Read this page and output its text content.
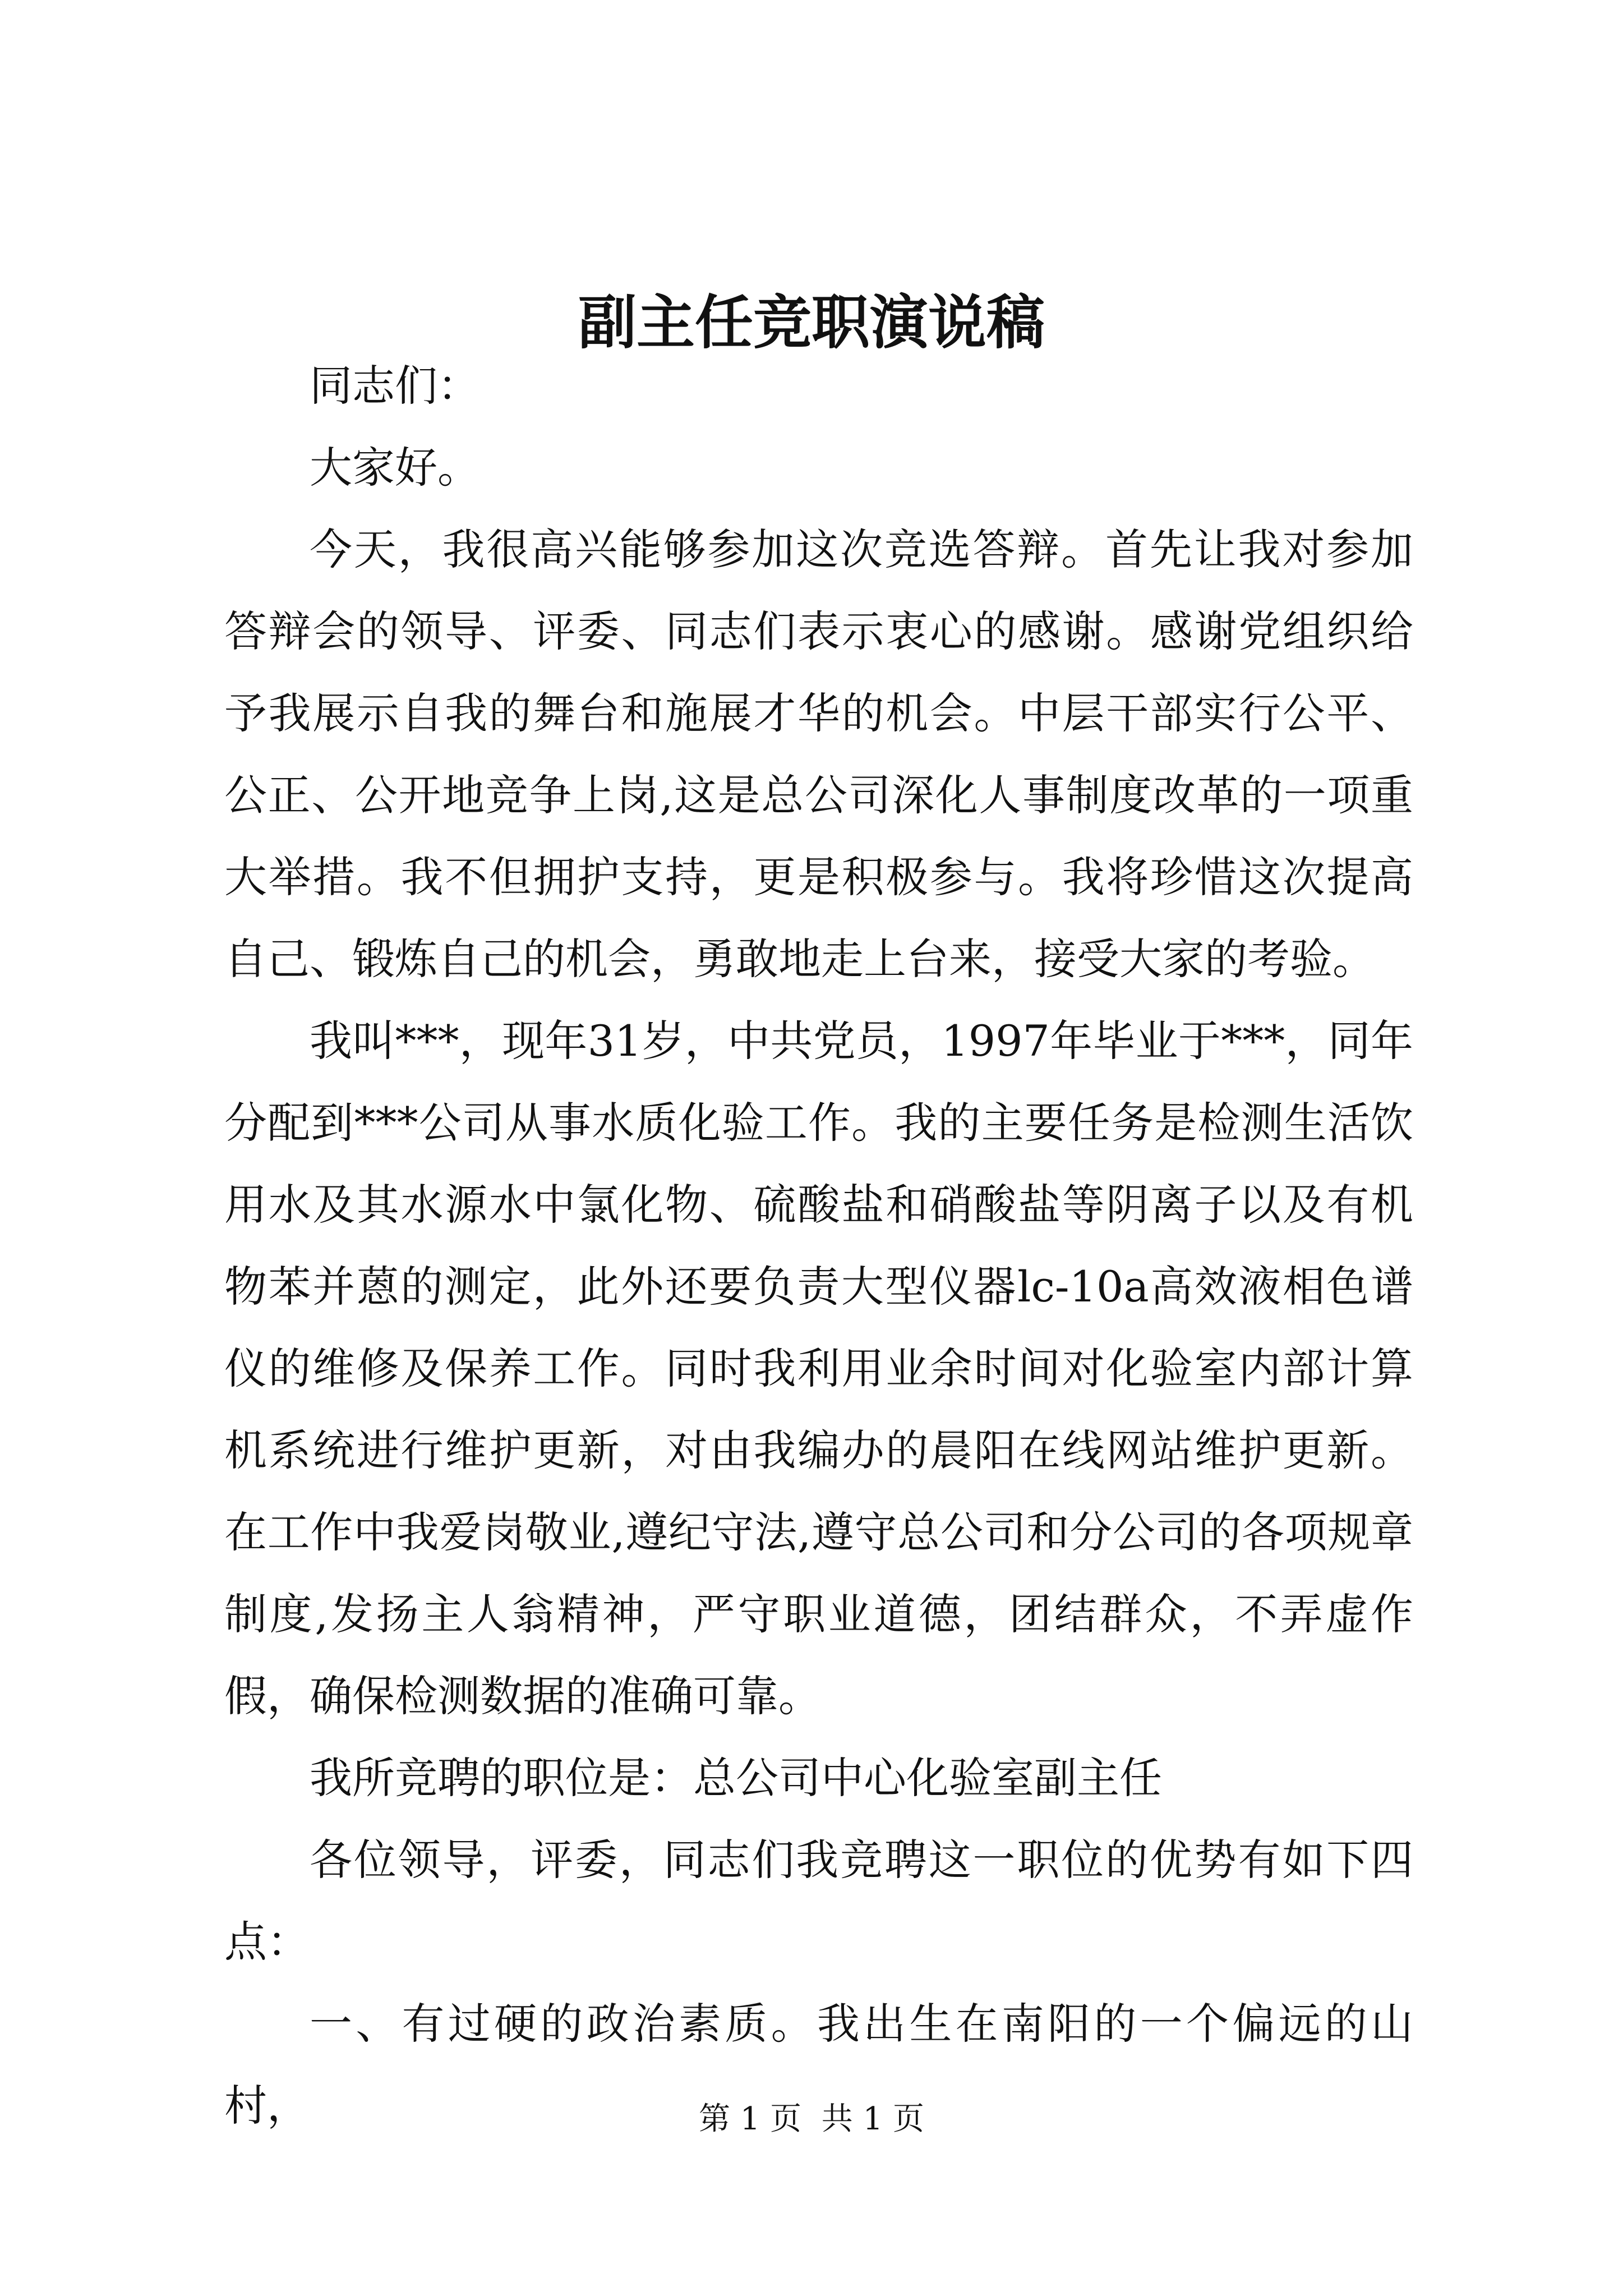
副主任竞职演说稿

同志们：

大家好。

今天，我很高兴能够参加这次竞选答辩。首先让我对参加答辩会的领导、评委、同志们表示衷心的感谢。感谢党组织给予我展示自我的舞台和施展才华的机会。中层干部实行公平、公正、公开地竞争上岗,这是总公司深化人事制度改革的一项重大举措。我不但拥护支持，更是积极参与。我将珍惜这次提高自己、锻炼自己的机会，勇敢地走上台来，接受大家的考验。

我叫***，现年31岁，中共党员，1997年毕业于***，同年分配到***公司从事水质化验工作。我的主要任务是检测生活饮用水及其水源水中氯化物、硫酸盐和硝酸盐等阴离子以及有机物苯并蒽的测定，此外还要负责大型仪器lc-10a高效液相色谱仪的维修及保养工作。同时我利用业余时间对化验室内部计算机系统进行维护更新，对由我编办的晨阳在线网站维护更新。在工作中我爱岗敬业,遵纪守法,遵守总公司和分公司的各项规章制度,发扬主人翁精神，严守职业道德，团结群众，不弄虚作假，确保检测数据的准确可靠。

我所竞聘的职位是：总公司中心化验室副主任

各位领导，评委，同志们我竞聘这一职位的优势有如下四点：

一、有过硬的政治素质。我出生在南阳的一个偏远的山村，	第 1 页 共 1 页
